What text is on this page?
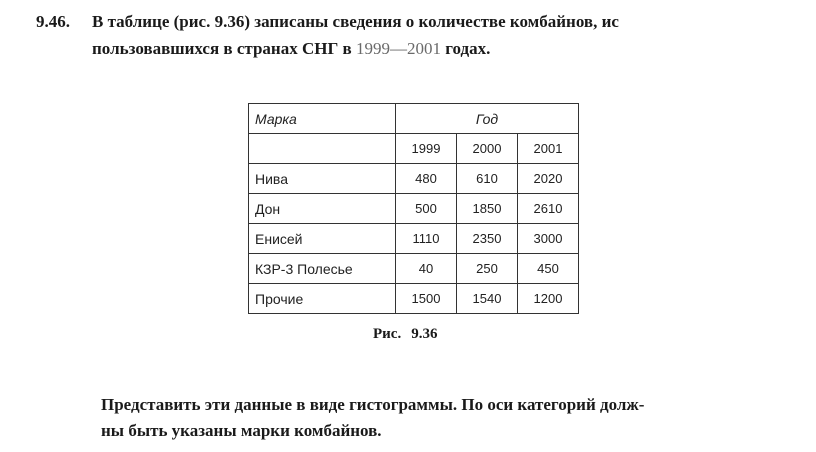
9.46. В таблице (рис. 9.36) записаны сведения о количестве комбайнов, ис
пользовавшихся в странах СНГ в 1999—2001 годах.
Марка	Год		
	1999	2000	2001
Нива	480	610	2020
Дон	500	1850	2610
Енисей	1110	2350	3000
КЗР-3 Полесье	40	250	450
Прочие	1500	1540	1200
Рис. 9.36
Представить эти данные в виде гистограммы. По оси категорий долж-
ны быть указаны марки комбайнов.
